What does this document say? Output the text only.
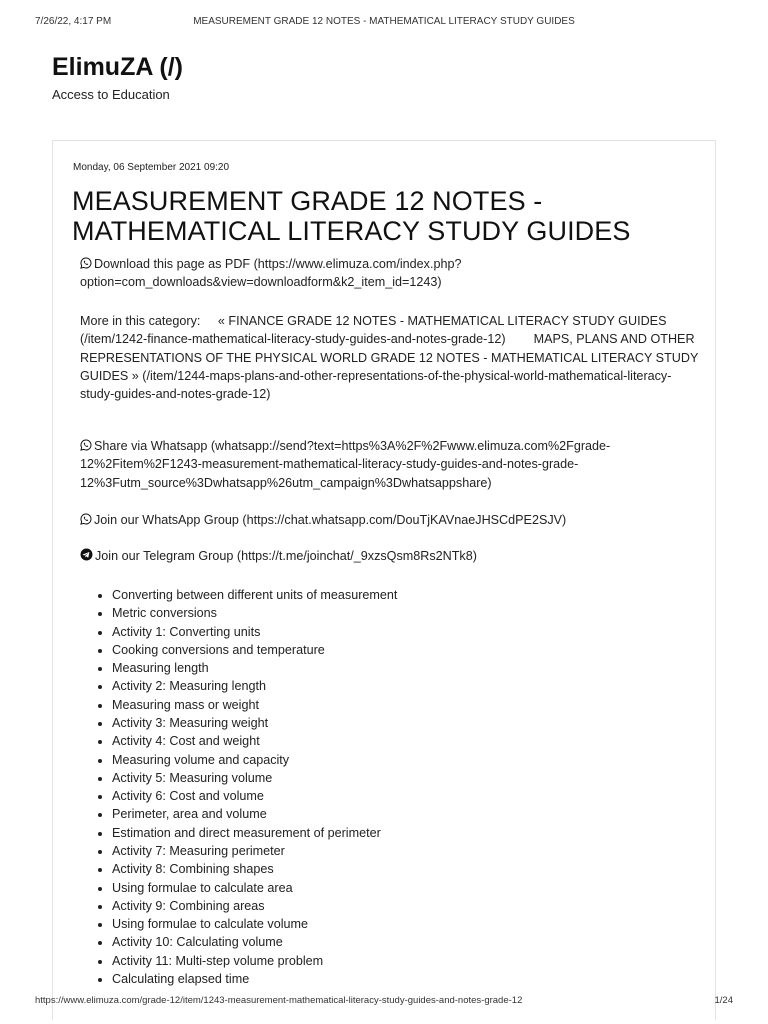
7/26/22, 4:17 PM	MEASUREMENT GRADE 12 NOTES - MATHEMATICAL LITERACY STUDY GUIDES
ElimuZA (/)
Access to Education
Monday, 06 September 2021 09:20
MEASUREMENT GRADE 12 NOTES - MATHEMATICAL LITERACY STUDY GUIDES
Download this page as PDF (https://www.elimuza.com/index.php?option=com_downloads&view=downloadform&k2_item_id=1243)
More in this category: « FINANCE GRADE 12 NOTES - MATHEMATICAL LITERACY STUDY GUIDES (/item/1242-finance-mathematical-literacy-study-guides-and-notes-grade-12) MAPS, PLANS AND OTHER REPRESENTATIONS OF THE PHYSICAL WORLD GRADE 12 NOTES - MATHEMATICAL LITERACY STUDY GUIDES » (/item/1244-maps-plans-and-other-representations-of-the-physical-world-mathematical-literacy-study-guides-and-notes-grade-12)
Share via Whatsapp (whatsapp://send?text=https%3A%2F%2Fwww.elimuza.com%2Fgrade-12%2Fitem%2F1243-measurement-mathematical-literacy-study-guides-and-notes-grade-12%3Futm_source%3Dwhatsapp%26utm_campaign%3Dwhatsappshare)
Join our WhatsApp Group (https://chat.whatsapp.com/DouTjKAVnaeJHSCdPE2SJV)
Join our Telegram Group (https://t.me/joinchat/_9xzsQsm8Rs2NTk8)
• Converting between different units of measurement
• Metric conversions
• Activity 1: Converting units
• Cooking conversions and temperature
• Measuring length
• Activity 2: Measuring length
• Measuring mass or weight
• Activity 3: Measuring weight
• Activity 4: Cost and weight
• Measuring volume and capacity
• Activity 5: Measuring volume
• Activity 6: Cost and volume
• Perimeter, area and volume
• Estimation and direct measurement of perimeter
• Activity 7: Measuring perimeter
• Activity 8: Combining shapes
• Using formulae to calculate area
• Activity 9: Combining areas
• Using formulae to calculate volume
• Activity 10: Calculating volume
• Activity 11: Multi-step volume problem
• Calculating elapsed time
https://www.elimuza.com/grade-12/item/1243-measurement-mathematical-literacy-study-guides-and-notes-grade-12	1/24
